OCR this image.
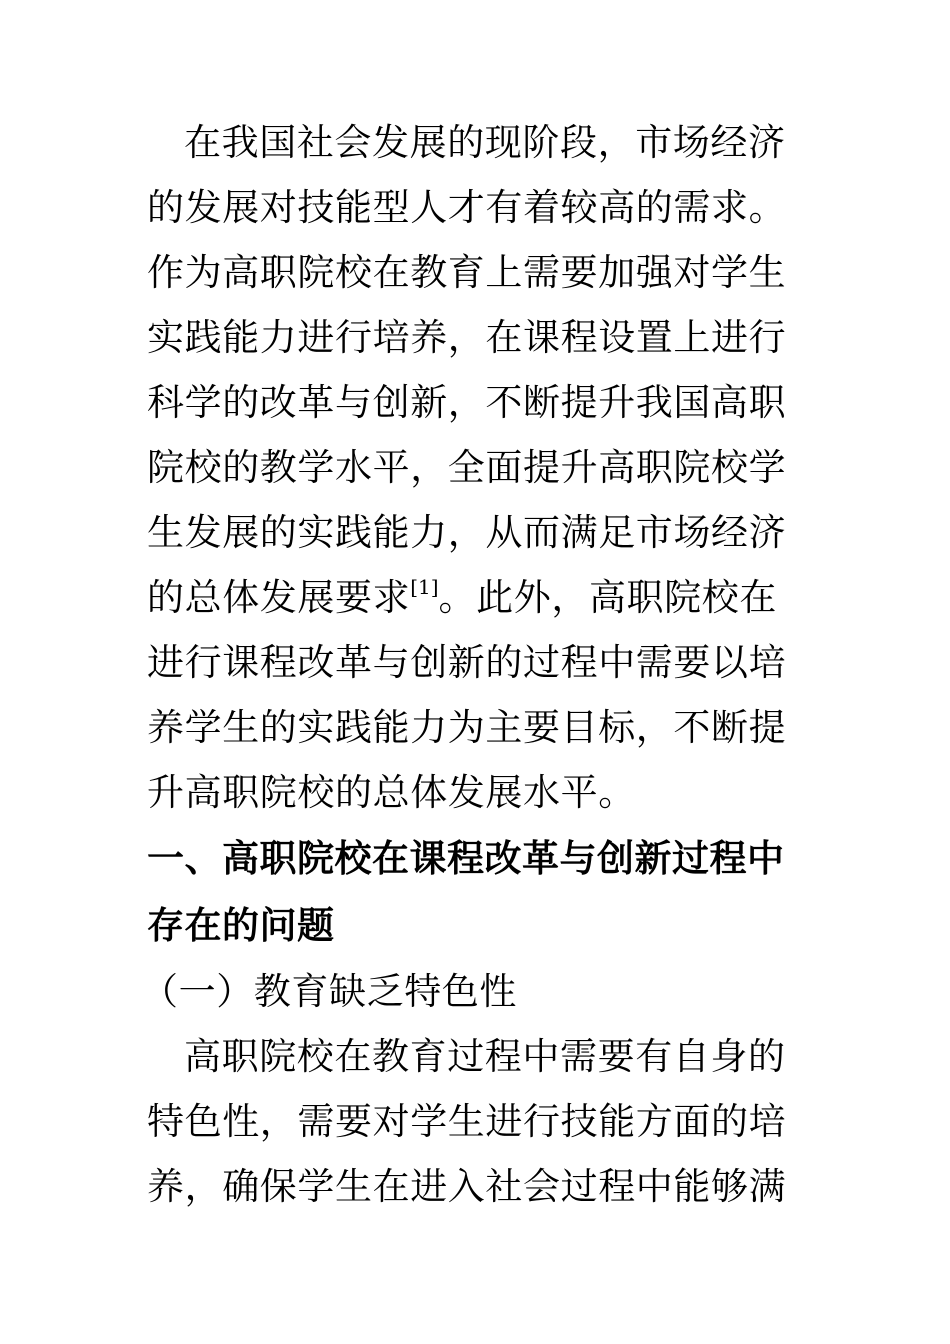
在我国社会发展的现阶段，市场经济
的发展对技能型人才有着较高的需求。
作为高职院校在教育上需要加强对学生
实践能力进行培养，在课程设置上进行
科学的改革与创新，不断提升我国高职
院校的教学水平，全面提升高职院校学
生发展的实践能力，从而满足市场经济
的总体发展要求[1]。此外，高职院校在
进行课程改革与创新的过程中需要以培
养学生的实践能力为主要目标，不断提
升高职院校的总体发展水平。
一、高职院校在课程改革与创新过程中
存在的问题
（一）教育缺乏特色性
高职院校在教育过程中需要有自身的
特色性，需要对学生进行技能方面的培
养，确保学生在进入社会过程中能够满
